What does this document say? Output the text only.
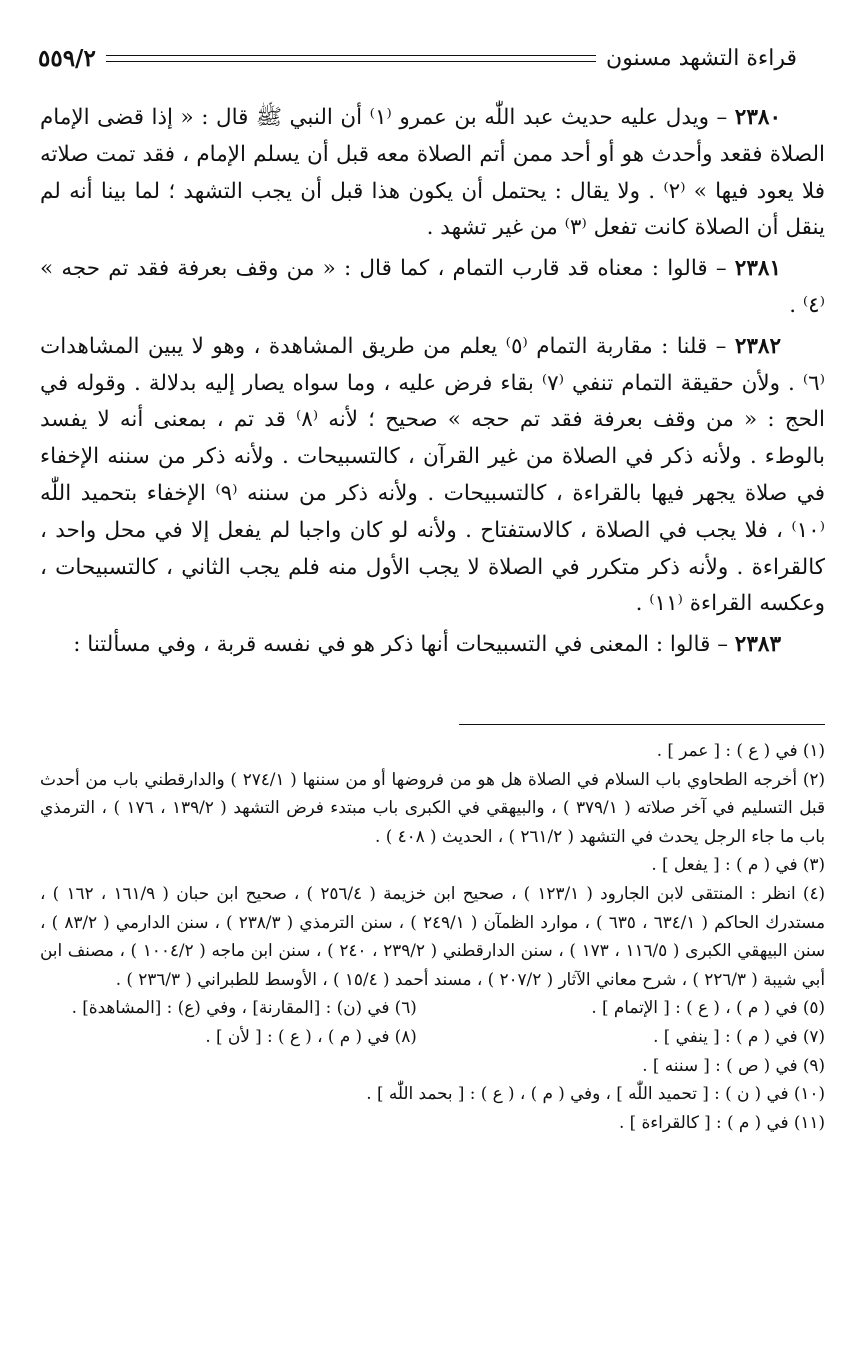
قراءة التشهد مسنون
٥٥٩/٢

٢٣٨٠ – ويدل عليه حديث عبد اللّٰه بن عمرو ⁽١⁾ أن النبي ﷺ قال : « إذا قضى الإمام الصلاة فقعد وأحدث هو أو أحد ممن أتم الصلاة معه قبل أن يسلم الإمام ، فقد تمت صلاته فلا يعود فيها » ⁽٢⁾ . ولا يقال : يحتمل أن يكون هذا قبل أن يجب التشهد ؛ لما بينا أنه لم ينقل أن الصلاة كانت تفعل ⁽٣⁾ من غير تشهد .

٢٣٨١ – قالوا : معناه قد قارب التمام ، كما قال : « من وقف بعرفة فقد تم حجه » ⁽٤⁾ .

٢٣٨٢ – قلنا : مقاربة التمام ⁽٥⁾ يعلم من طريق المشاهدة ، وهو لا يبين المشاهدات ⁽٦⁾ . ولأن حقيقة التمام تنفي ⁽٧⁾ بقاء فرض عليه ، وما سواه يصار إليه بدلالة . وقوله في الحج : « من وقف بعرفة فقد تم حجه » صحيح ؛ لأنه ⁽٨⁾ قد تم ، بمعنى أنه لا يفسد بالوطء . ولأنه ذكر في الصلاة من غير القرآن ، كالتسبيحات . ولأنه ذكر من سننه الإخفاء في صلاة يجهر فيها بالقراءة ، كالتسبيحات . ولأنه ذكر من سننه ⁽٩⁾ الإخفاء بتحميد اللّٰه ⁽١٠⁾ ، فلا يجب في الصلاة ، كالاستفتاح . ولأنه لو كان واجبا لم يفعل إلا في محل واحد ، كالقراءة . ولأنه ذكر متكرر في الصلاة لا يجب الأول منه فلم يجب الثاني ، كالتسبيحات ، وعكسه القراءة ⁽١١⁾ .

٢٣٨٣ – قالوا : المعنى في التسبيحات أنها ذكر هو في نفسه قربة ، وفي مسألتنا :

(١) في ( ع ) : [ عمر ] .

(٢) أخرجه الطحاوي باب السلام في الصلاة هل هو من فروضها أو من سننها ( ٢٧٤/١ ) والدارقطني باب من أحدث قبل التسليم في آخر صلاته ( ٣٧٩/١ ) ، والبيهقي في الكبرى باب مبتدء فرض التشهد ( ١٣٩/٢ ، ١٧٦ ) ، الترمذي باب ما جاء الرجل يحدث في التشهد ( ٢٦١/٢ ) ، الحديث ( ٤٠٨ ) .

(٣) في ( م ) : [ يفعل ] .

(٤) انظر : المنتقى لابن الجارود ( ١٢٣/١ ) ، صحيح ابن خزيمة ( ٢٥٦/٤ ) ، صحيح ابن حبان ( ١٦١/٩ ، ١٦٢ ) ، مستدرك الحاكم ( ٦٣٤/١ ، ٦٣٥ ) ، موارد الظمآن ( ٢٤٩/١ ) ، سنن الترمذي ( ٢٣٨/٣ ) ، سنن الدارمي ( ٨٣/٢ ) ، سنن البيهقي الكبرى ( ١١٦/٥ ، ١٧٣ ) ، سنن الدارقطني ( ٢٣٩/٢ ، ٢٤٠ ) ، سنن ابن ماجه ( ١٠٠٤/٢ ) ، مصنف ابن أبي شيبة ( ٢٢٦/٣ ) ، شرح معاني الآثار ( ٢٠٧/٢ ) ، مسند أحمد ( ١٥/٤ ) ، الأوسط للطبراني ( ٢٣٦/٣ ) .

(٥) في ( م ) ، ( ع ) : [ الإتمام ] .
(٦) في (ن) : [المقارنة] ، وفي (ع) : [المشاهدة] .
(٧) في ( م ) : [ ينفي ] .
(٨) في ( م ) ، ( ع ) : [ لأن ] .

(٩) في ( ص ) : [ سننه ] .

(١٠) في ( ن ) : [ تحميد اللّٰه ] ، وفي ( م ) ، ( ع ) : [ بحمد اللّٰه ] .

(١١) في ( م ) : [ كالقراءة ] .
